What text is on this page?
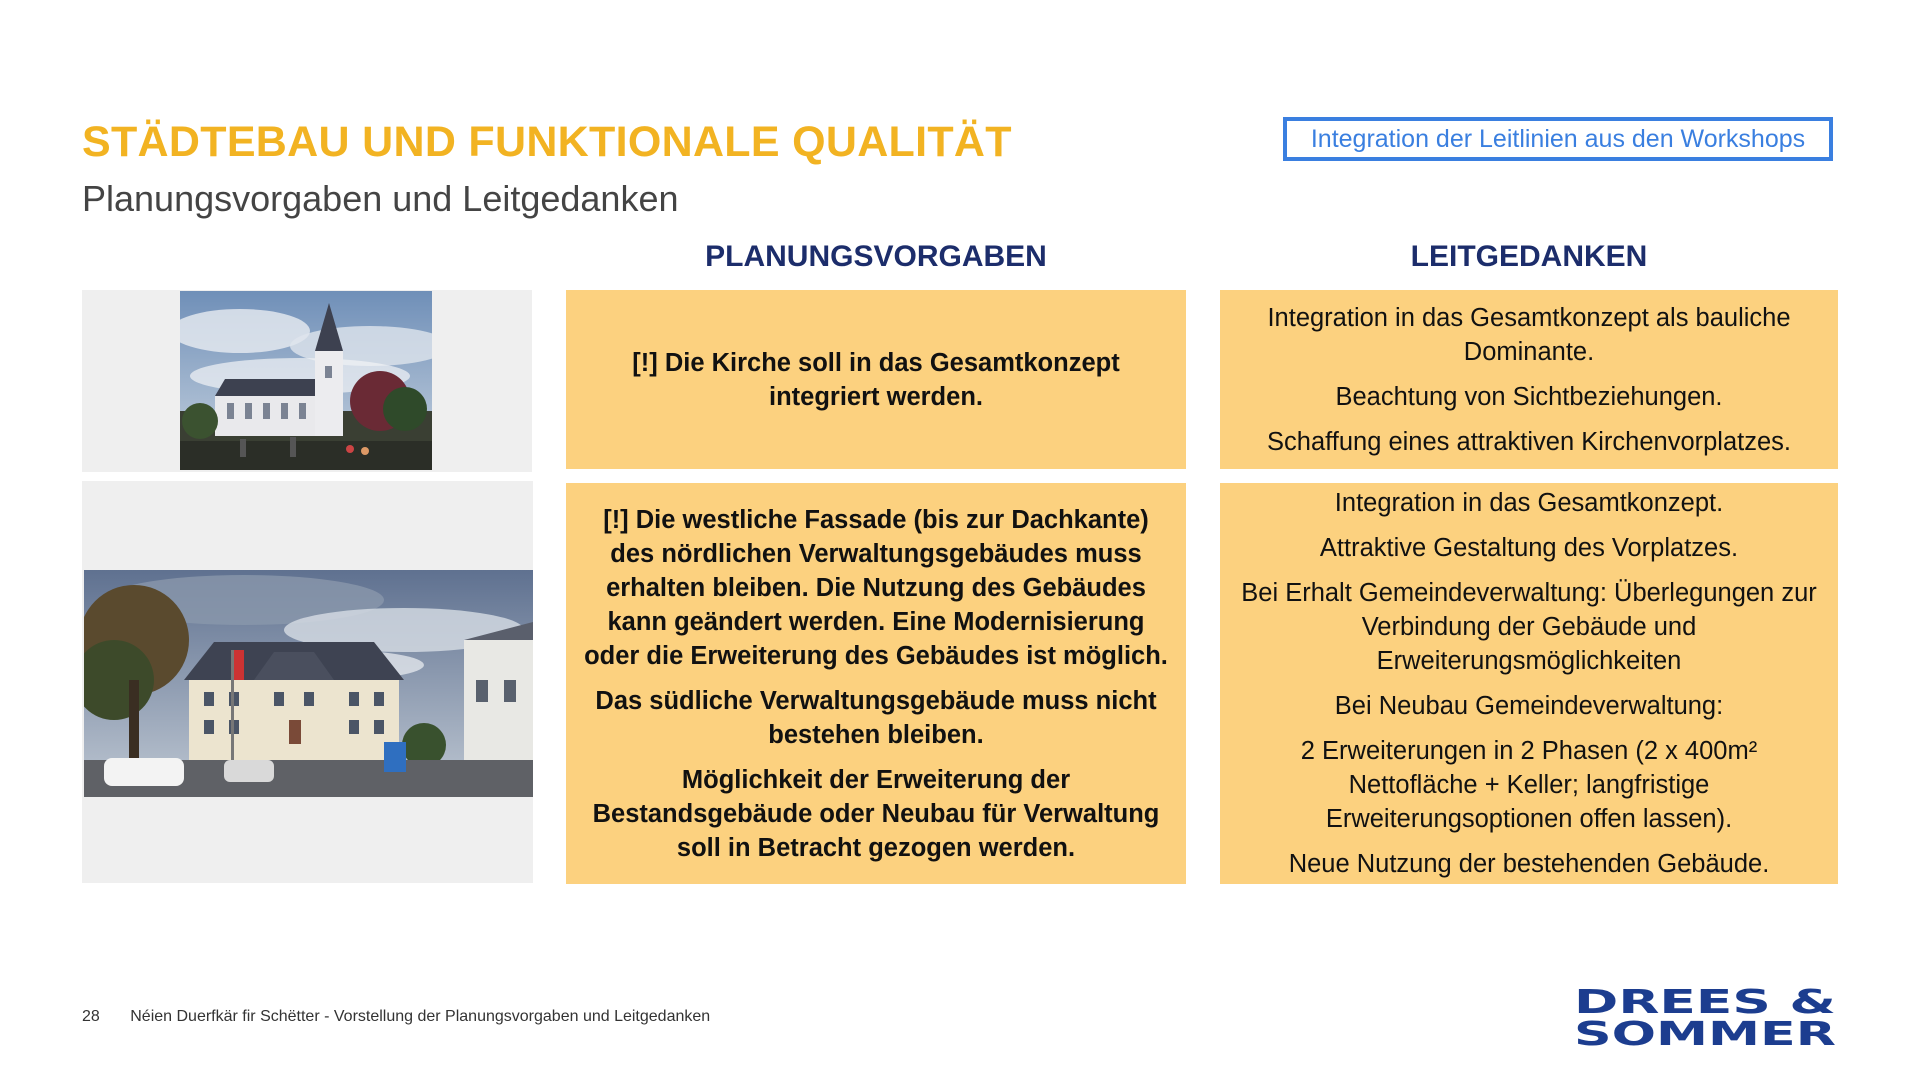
STÄDTEBAU UND FUNKTIONALE QUALITÄT
Planungsvorgaben und Leitgedanken
Integration der Leitlinien aus den Workshops
PLANUNGSVORGABEN	LEITGEDANKEN

[!] Die Kirche soll in das Gesamtkonzept integriert werden.

Integration in das Gesamtkonzept als bauliche Dominante.

Beachtung von Sichtbeziehungen.

Schaffung eines attraktiven Kirchenvorplatzes.

[!] Die westliche Fassade (bis zur Dachkante) des nördlichen Verwaltungsgebäudes muss erhalten bleiben. Die Nutzung des Gebäudes kann geändert werden. Eine Modernisierung oder die Erweiterung des Gebäudes ist möglich.

Das südliche Verwaltungsgebäude muss nicht bestehen bleiben.

Möglichkeit der Erweiterung der Bestandsgebäude oder Neubau für Verwaltung soll in Betracht gezogen werden.

Integration in das Gesamtkonzept.

Attraktive Gestaltung des Vorplatzes.

Bei Erhalt Gemeindeverwaltung: Überlegungen zur Verbindung der Gebäude und Erweiterungsmöglichkeiten

Bei Neubau Gemeindeverwaltung:

2 Erweiterungen in 2 Phasen (2 x 400m² Nettofläche + Keller; langfristige Erweiterungsoptionen offen lassen).

Neue Nutzung der bestehenden Gebäude.

28 Néien Duerfkär fir Schëtter - Vorstellung der Planungsvorgaben und Leitgedanken	DREES &
SOMMER
